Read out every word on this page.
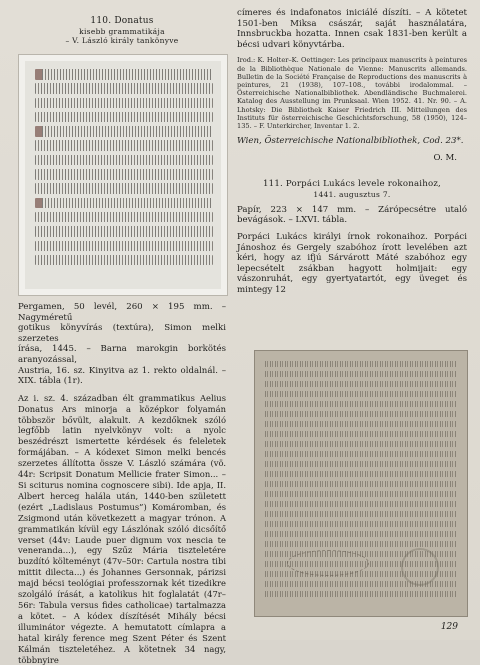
110. Donatus
kisebb grammatikája
– V. László király tankönyve

Pergamen, 50 levél, 260 × 195 mm. – Nagyméretű

gotikus könyvírás (textúra), Simon melki szerzetes

írása, 1445. – Barna marokgin borkötés aranyozással,

Austria, 16. sz. Kinyitva az 1. rekto oldalnál. – XIX. tábla (1r).

Az i. sz. 4. században élt grammatikus Aelius Donatus Ars minorja a középkor folyamán többször bővült, alakult. A kezdőknek szóló legfőbb latin nyelvkönyv volt: a nyolc beszédrészt ismertette kérdések és feleletek formájában. – A kódexet Simon melki bencés szerzetes állította össze V. László számára (vö. 44r: Scripsit Donatum Mellicie frater Simon... – Si sciturus nomina cognoscere sibi). Ide apja, II. Albert herceg halála után, 1440-ben született (ezért „Ladislaus Postumus”) Komáromban, és Zsigmond után következett a magyar trónon. A grammatikán kívül egy Lászlónak szóló dicsőítő verset (44v: Laude puer dignum vox nescia te veneranda...), egy Szűz Mária tiszteletére buzdító költeményt (47v–50r: Cartula nostra tibi mittit dilecta...) és Johannes Gersonnak, párizsi majd bécsi teológiai professzornak két tizedikre szolgáló írását, a katolikus hit foglalatát (47r–56r: Tabula versus fides catholicae) tartalmazza a kötet. – A kódex díszítését Mihály bécsi illuminátor végezte. A hemutatott címlapra a hatal király ference meg Szent Péter és Szent Kálmán tiszteletéhez. A kötetnek 34 nagy, többnyire

címeres és indafonatos iniciálé díszíti. – A kötetet 1501-ben Miksa császár, saját használatára, Innsbruckba hozatta. Innen csak 1831-ben került a bécsi udvari könyvtárba.

Irod.: K. Holter–K. Oettinger: Les principaux manuscrits à peintures de la Bibliothèque Nationale de Vienne: Manuscrits allemands. Bulletin de la Société Française de Reproductions des manuscrits à peintures, 21 (1938), 107–108., további irodalommal. – Österreichische Nationalbibliothek. Abendländische Buchmalerei. Katalog des Ausstellung im Prunksaal. Wien 1952. 41. Nr. 90. – A. Lhotsky: Die Bibliothek Kaiser Friedrich III. Mitteilungen des Instituts für österreichische Geschichtsforschung, 58 (1950), 124–135. – F. Unterkircher, Inventar 1. 2.

Wien, Österreichische Nationalbibliothek, Cod. 23*.

O. M.
111. Porpáci Lukács levele rokonaihoz,
1441. augusztus 7.

Papír, 223 × 147 mm. – Zárópecsétre utaló bevágások. – LXVI. tábla.

Porpáci Lukács királyi írnok rokonaihoz. Porpáci Jánoshoz és Gergely szabóhoz írott levelében azt kéri, hogy az ifjú Sárvárott Máté szabóhoz egy lepecsételt zsákban hagyott holmijait: egy vászonruhát, egy gyertyatartót, egy üveget és mintegy 12

129
